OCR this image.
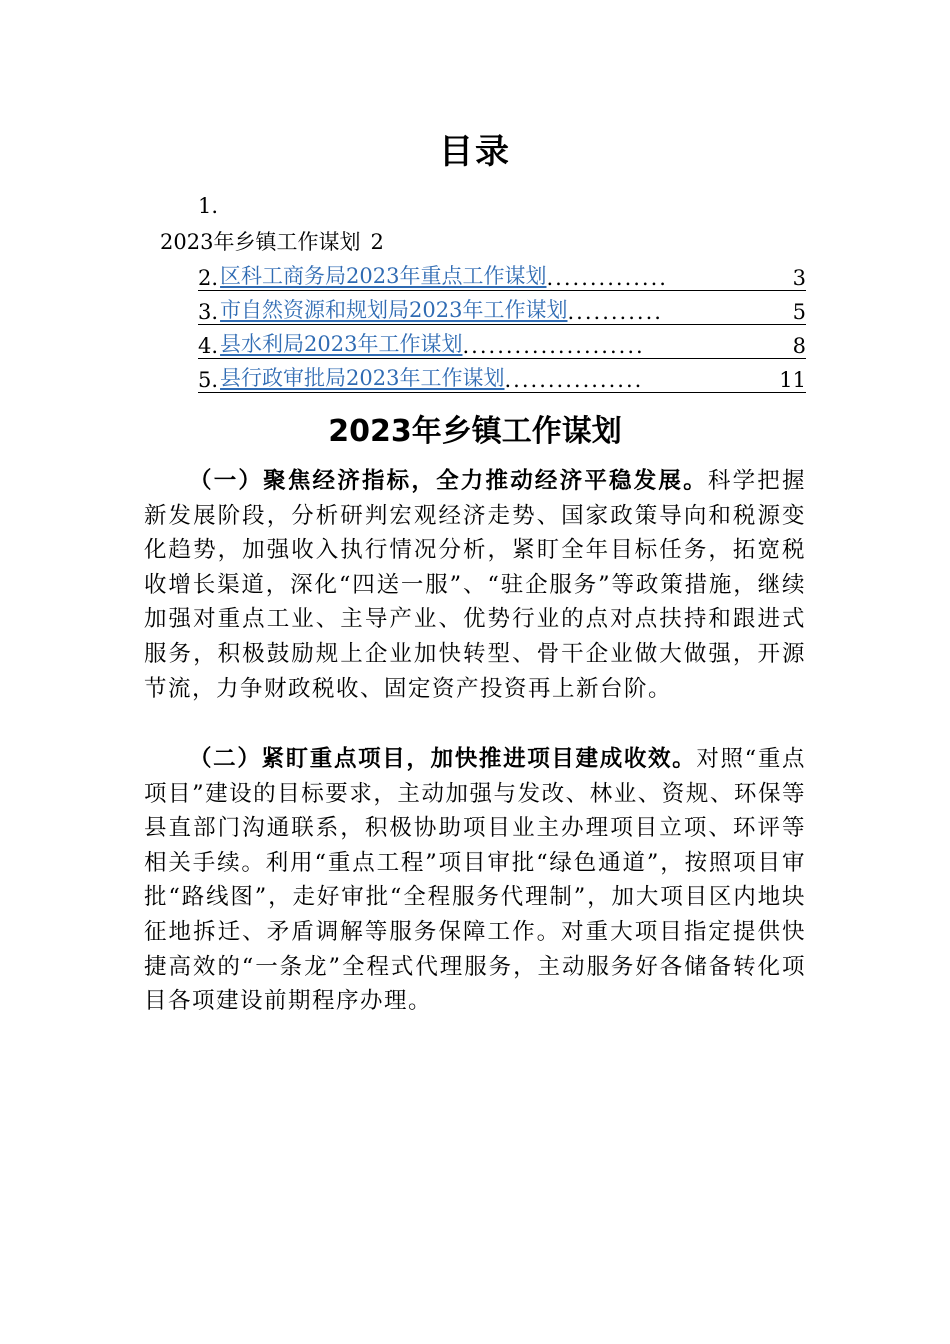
目录
1.
2023年乡镇工作谋划 2
2. 区科工商务局2023年重点工作谋划 ..............	3
3. 市自然资源和规划局2023年工作谋划 ...........	5
4. 县水利局2023年工作谋划 .....................	8
5. 县行政审批局2023年工作谋划 ................	11
2023年乡镇工作谋划

（一）聚焦经济指标，全力推动经济平稳发展。科学把握新发展阶段，分析研判宏观经济走势、国家政策导向和税源变化趋势，加强收入执行情况分析，紧盯全年目标任务，拓宽税收增长渠道，深化“四送一服”、“驻企服务”等政策措施，继续加强对重点工业、主导产业、优势行业的点对点扶持和跟进式服务，积极鼓励规上企业加快转型、骨干企业做大做强，开源节流，力争财政税收、固定资产投资再上新台阶。

（二）紧盯重点项目，加快推进项目建成收效。对照“重点项目”建设的目标要求，主动加强与发改、林业、资规、环保等县直部门沟通联系，积极协助项目业主办理项目立项、环评等相关手续。利用“重点工程”项目审批“绿色通道”，按照项目审批“路线图”，走好审批“全程服务代理制”，加大项目区内地块征地拆迁、矛盾调解等服务保障工作。对重大项目指定提供快捷高效的“一条龙”全程式代理服务，主动服务好各储备转化项目各项建设前期程序办理。
